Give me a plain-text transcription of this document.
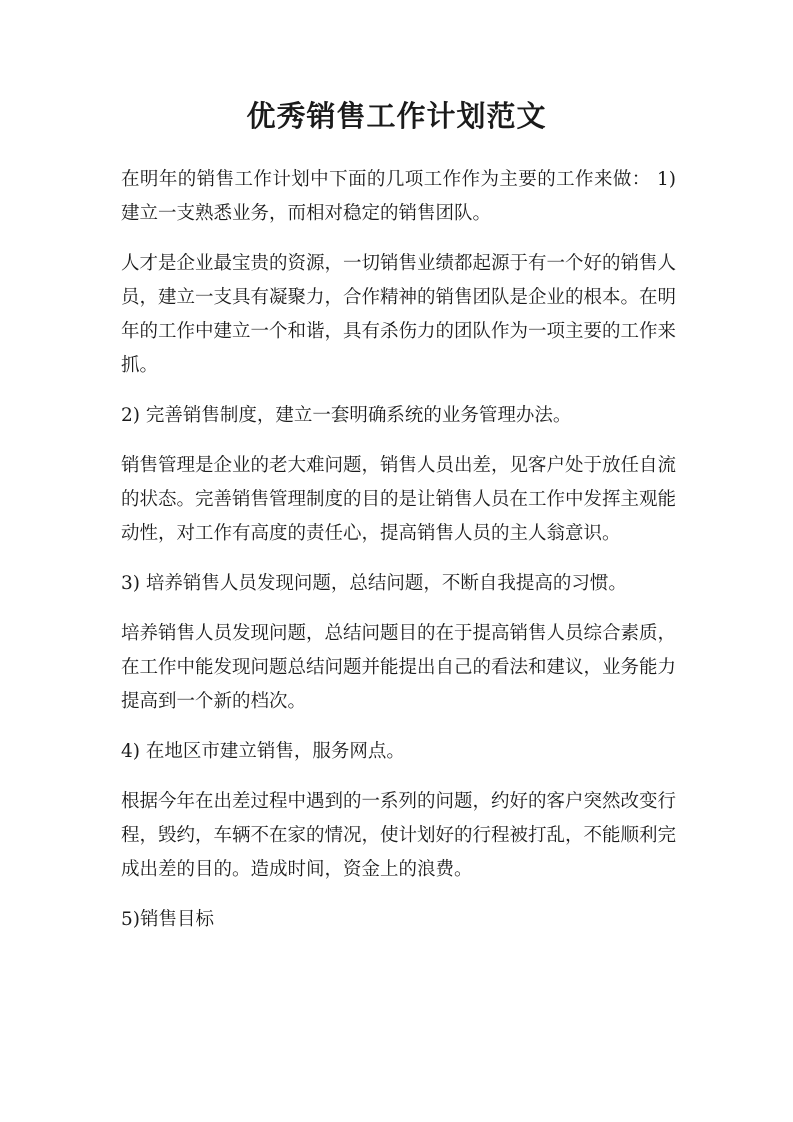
优秀销售工作计划范文

在明年的销售工作计划中下面的几项工作作为主要的工作来做： 1) 建立一支熟悉业务，而相对稳定的销售团队。

人才是企业最宝贵的资源，一切销售业绩都起源于有一个好的销售人员，建立一支具有凝聚力，合作精神的销售团队是企业的根本。在明年的工作中建立一个和谐，具有杀伤力的团队作为一项主要的工作来抓。

2) 完善销售制度，建立一套明确系统的业务管理办法。

销售管理是企业的老大难问题，销售人员出差，见客户处于放任自流的状态。完善销售管理制度的目的是让销售人员在工作中发挥主观能动性，对工作有高度的责任心，提高销售人员的主人翁意识。

3) 培养销售人员发现问题，总结问题，不断自我提高的习惯。

培养销售人员发现问题，总结问题目的在于提高销售人员综合素质，在工作中能发现问题总结问题并能提出自己的看法和建议，业务能力提高到一个新的档次。

4) 在地区市建立销售，服务网点。

根据今年在出差过程中遇到的一系列的问题，约好的客户突然改变行程，毁约，车辆不在家的情况，使计划好的行程被打乱，不能顺利完成出差的目的。造成时间，资金上的浪费。

5)销售目标
